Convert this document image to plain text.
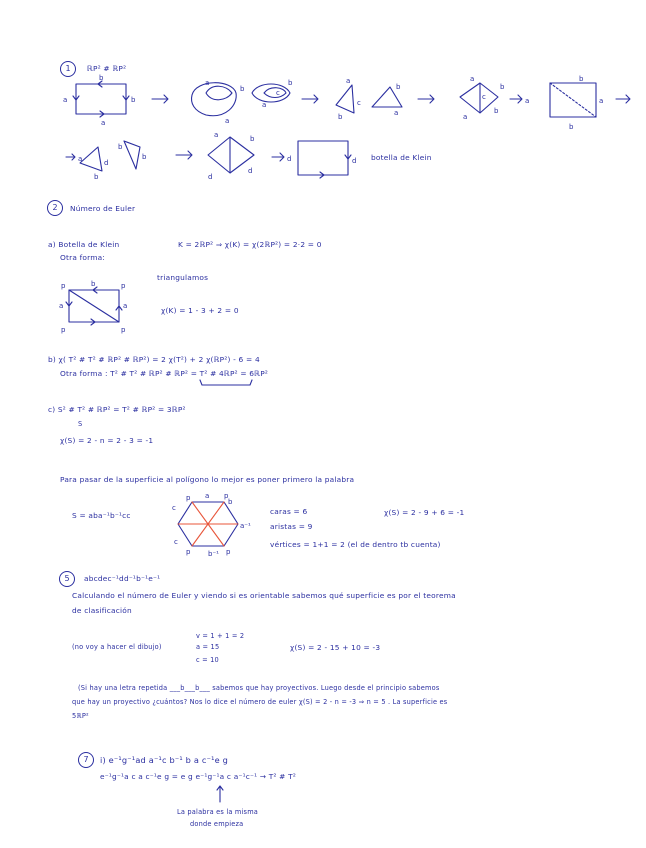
1	ℝP² # ℝP²
a	b
b
a
a
a
b	c
b
a
a
b
c
b
a
a
b
a
b
c	a
b
b
a
a
b
d
b
b
a	b
d
d
d	d botella de Klein
2	Número de Euler
a) Botella de Klein	K = 2ℝP² ⇒ χ(K) = χ(2ℝP²) = 2·2 = 0
Otra forma:
triangulamos
b
a	a
p	p
p	p
χ(K) = 1 - 3 + 2 = 0
b) χ( T² # T² # ℝP² # ℝP²) = 2 χ(T²) + 2 χ(ℝP²) - 6 = 4
Otra forma : T² # T² # ℝP² # ℝP² = T² # 4ℝP² = 6ℝP²
c) S² # T² # ℝP² = T² # ℝP² = 3ℝP²
S
χ(S) = 2 - n = 2 - 3 = -1
Para pasar de la superficie al polígono lo mejor es poner primero la palabra
S = aba⁻¹b⁻¹cc
a
b
a⁻¹
b⁻¹
c
c
p	p
p	p
caras = 6
aristas = 9
vértices = 1+1 = 2 (el de dentro tb cuenta)
χ(S) = 2 - 9 + 6 = -1
5	abcdec⁻¹dd⁻¹b⁻¹e⁻¹
Calculando el número de Euler y viendo si es orientable sabemos qué superficie es por el teorema
de clasificación
(no voy a hacer el dibujo)
v = 1 + 1 = 2
a = 15
c = 10
χ(S) = 2 - 15 + 10 = -3
(Si hay una letra repetida ___b___b___ sabemos que hay proyectivos. Luego desde el principio sabemos
que hay un proyectivo ¿cuántos? Nos lo dice el número de euler χ(S) = 2 - n = -3 ⇒ n = 5 . La superficie es
5ℝP²
7	i) e⁻¹g⁻¹ad a⁻¹c b⁻¹ b a c⁻¹e g
e⁻¹g⁻¹a c a c⁻¹e g = e g e⁻¹g⁻¹a c a⁻¹c⁻¹ → T² # T²
La palabra es la misma
donde empieza
